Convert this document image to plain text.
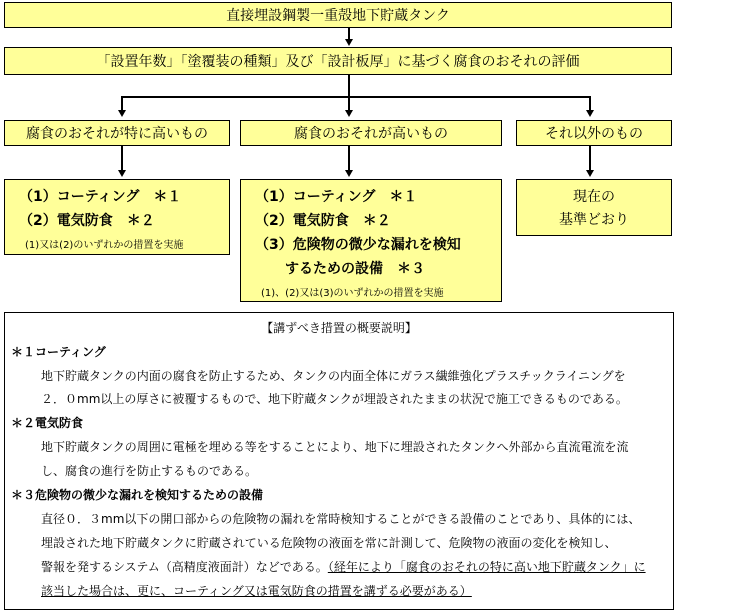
直接埋設鋼製一重殻地下貯蔵タンク
「設置年数」「塗覆装の種類」及び「設計板厚」に基づく腐食のおそれの評価
腐食のおそれが特に高いもの	腐食のおそれが高いもの	それ以外のもの
（1）コーティング　＊１
（2）電気防食　＊２
(1)又は(2)のいずれかの措置を実施
（1）コーティング　＊１
（2）電気防食　＊２
（3）危険物の微少な漏れを検知
するための設備　＊３
(1)、(2)又は(3)のいずれかの措置を実施
現在の
基準どおり
【講ずべき措置の概要説明】
＊１コーティング
地下貯蔵タンクの内面の腐食を防止するため、タンクの内面全体にガラス繊維強化プラスチックライニングを
２．０mm以上の厚さに被覆するもので、地下貯蔵タンクが埋設されたままの状況で施工できるものである。
＊２電気防食
地下貯蔵タンクの周囲に電極を埋める等をすることにより、地下に埋設されたタンクへ外部から直流電流を流
し、腐食の進行を防止するものである。
＊３危険物の微少な漏れを検知するための設備
直径０．３mm以下の開口部からの危険物の漏れを常時検知することができる設備のことであり、具体的には、
埋設された地下貯蔵タンクに貯蔵されている危険物の液面を常に計測して、危険物の液面の変化を検知し、
警報を発するシステム（高精度液面計）などである。（経年により「腐食のおそれの特に高い地下貯蔵タンク」に
該当した場合は、更に、コーティング又は電気防食の措置を講ずる必要がある）
